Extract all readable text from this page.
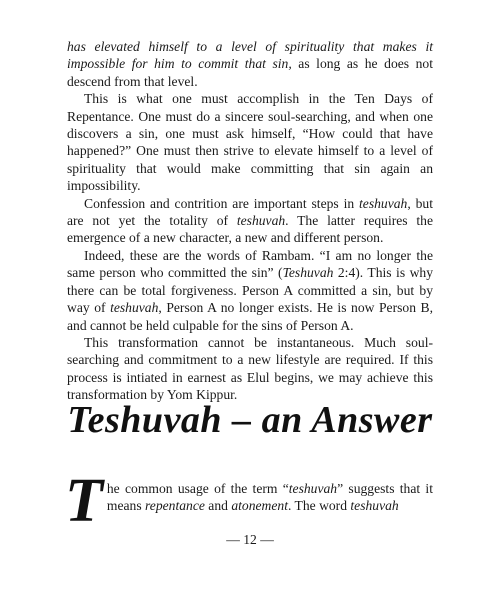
has elevated himself to a level of spirituality that makes it impossible for him to commit that sin, as long as he does not descend from that level.

This is what one must accomplish in the Ten Days of Repentance. One must do a sincere soul-searching, and when one discovers a sin, one must ask himself, “How could that have happened?” One must then strive to elevate himself to a level of spirituality that would make committing that sin again an impossibility.

Confession and contrition are important steps in teshuvah, but are not yet the totality of teshuvah. The latter requires the emergence of a new character, a new and different person.

Indeed, these are the words of Rambam. “I am no longer the same person who committed the sin” (Teshuvah 2:4). This is why there can be total forgiveness. Person A committed a sin, but by way of teshuvah, Person A no longer exists. He is now Person B, and cannot be held culpable for the sins of Person A.

This transformation cannot be instantaneous. Much soul-searching and commitment to a new lifestyle are required. If this process is intiated in earnest as Elul begins, we may achieve this transformation by Yom Kippur.

Teshuvah – an Answer
The common usage of the term “teshuvah” suggests that it means repentance and atonement. The word teshuvah
— 12 —
